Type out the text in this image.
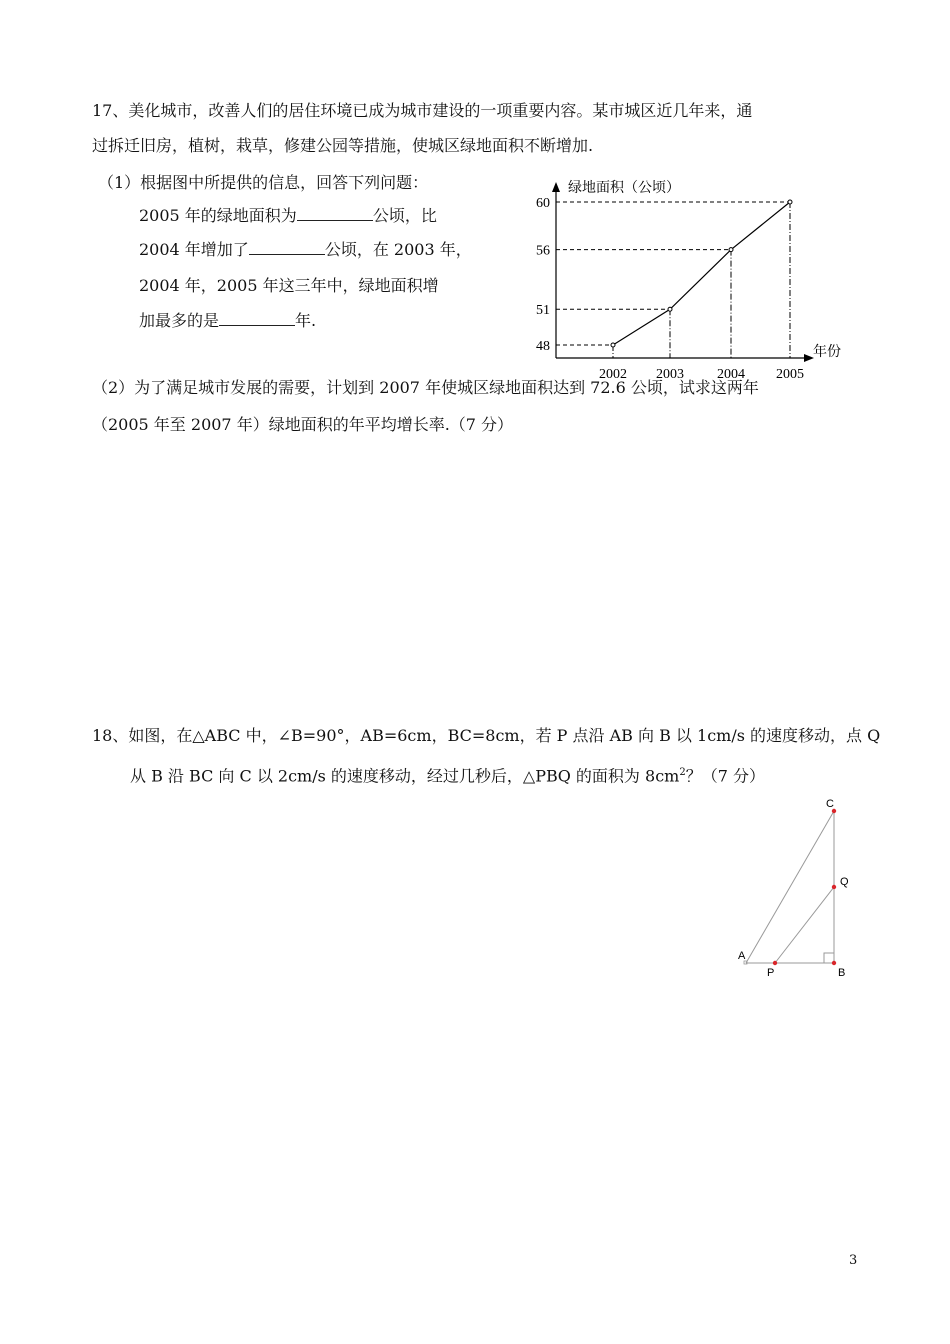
17、美化城市，改善人们的居住环境已成为城市建设的一项重要内容。某市城区近几年来，通
过拆迁旧房，植树，栽草，修建公园等措施，使城区绿地面积不断增加.
（1）根据图中所提供的信息，回答下列问题：
2005 年的绿地面积为	公顷，比
2004 年增加了	公顷，在 2003 年，
2004 年，2005 年这三年中，绿地面积增
加最多的是	年.
绿地面积（公顷）
年份
48
51
56
60
2002 2003 2004 2005
（2）为了满足城市发展的需要，计划到 2007 年使城区绿地面积达到 72.6 公顷，试求这两年
（2005 年至 2007 年）绿地面积的年平均增长率.（7 分）
18、如图，在△ABC 中，∠B=90°，AB=6cm，BC=8cm，若 P 点沿 AB 向 B 以 1cm/s 的速度移动，点 Q
从 B 沿 BC 向 C 以 2cm/s 的速度移动，经过几秒后，△PBQ 的面积为 $8cm^2$？（7 分）
C
Q
A
P	B
3
